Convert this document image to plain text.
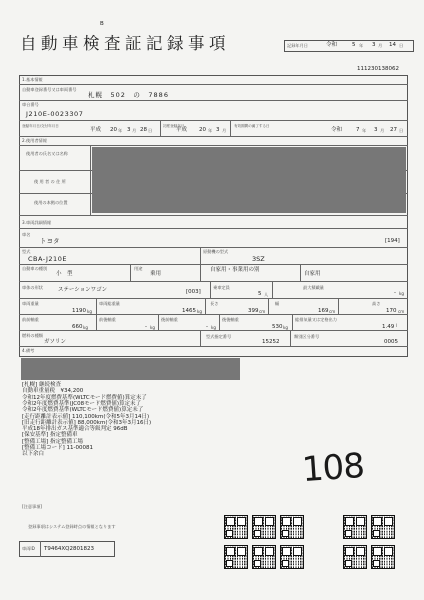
B
自動車検査証記録事項	記録年月日	令和	5 年 3 月 14 日
111230138062
1.基本情報
自動車登録番号又は車両番号
札幌　502　の　7886
車台番号
J210E-0023307
登録年月日/交付年月日
平成 20 年 3 月 28 日
初度登録年月
平成 20 年 3 月
有効期間の満了する日
令和	7 年 3 月 27 日
2.使用者情報
使用者の氏名又は名称
使 用 者 の 住 所
使用の本拠の位置
3.車両詳細情報
車名
トヨタ	[194]
型式
CBA-J210E
原動機の型式
3SZ
自動車の種別
小　型
用途
乗用
自家用・事業用の別
自家用
車体の形状	ステーションワゴン	[003]
乗車定員
5 人
最大積載量
- kg
車両重量
1190 kg
車両総重量
1465 kg
長さ
399 cm
幅
169 cm
高さ
170 cm
前前軸重
660 kg
前後軸重
- kg
後前軸重
- kg
後後軸重
530 kg
総排気量又は定格出力
1.49 l
燃料の種類
ガソリン
型式指定番号
15252
類別区分番号
0005
4.備考
[札幌] 継続検査
自動車重量税　¥34,200
令和12年度燃費基準(WLTCモード燃費値)算定未了
令和2年度燃費基準(JC08モード燃費値)算定未了
令和2年度燃費基準(WLTCモード燃費値)算定未了
[走行距離計表示値] 110,100km(令和5年3月14日)
[旧走行距離計表示値] 88,000km(令和3年3月16日)
平成18年排出ガス基準適合等級判定 96dB
[保安基準] 指定整備車
[整備工場] 指定整備工場
[整備工場コード] 11-00081
以下余白	108
[注意事項]
登録事項はシステム登録時点の情報となります
車両ID T9464XQ2801823
